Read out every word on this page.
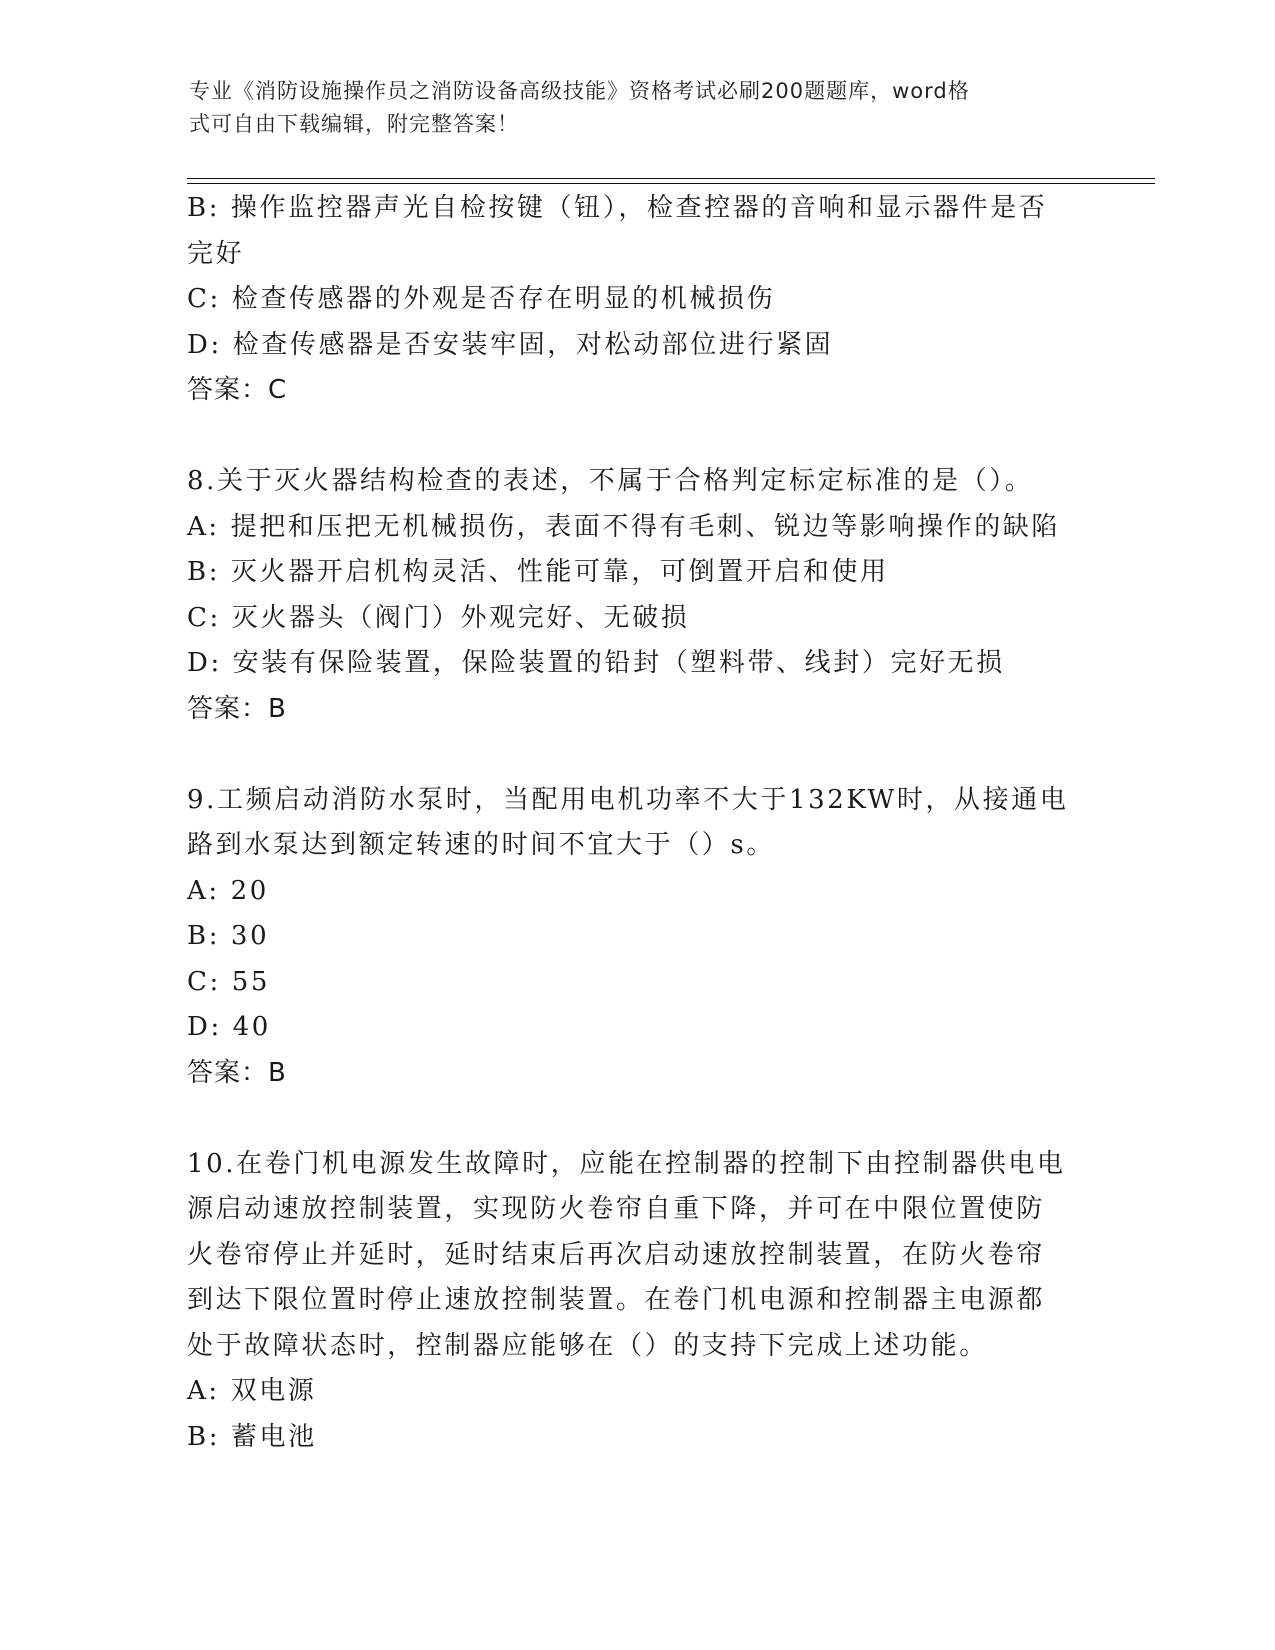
专业《消防设施操作员之消防设备高级技能》资格考试必刷200题题库，word格
式可自由下载编辑，附完整答案！
B: 操作监控器声光自检按键（钮），检查控器的音响和显示器件是否
完好
C: 检查传感器的外观是否存在明显的机械损伤
D: 检查传感器是否安装牢固，对松动部位进行紧固
答案：C
8.关于灭火器结构检查的表述，不属于合格判定标定标准的是（）。
A: 提把和压把无机械损伤，表面不得有毛刺、锐边等影响操作的缺陷
B: 灭火器开启机构灵活、性能可靠，可倒置开启和使用
C: 灭火器头（阀门）外观完好、无破损
D: 安装有保险装置，保险装置的铅封（塑料带、线封）完好无损
答案：B
9.工频启动消防水泵时，当配用电机功率不大于132KW时，从接通电
路到水泵达到额定转速的时间不宜大于（）s。
A: 20
B: 30
C: 55
D: 40
答案：B
10.在卷门机电源发生故障时，应能在控制器的控制下由控制器供电电
源启动速放控制装置，实现防火卷帘自重下降，并可在中限位置使防
火卷帘停止并延时，延时结束后再次启动速放控制装置，在防火卷帘
到达下限位置时停止速放控制装置。在卷门机电源和控制器主电源都
处于故障状态时，控制器应能够在（）的支持下完成上述功能。
A: 双电源
B: 蓄电池
